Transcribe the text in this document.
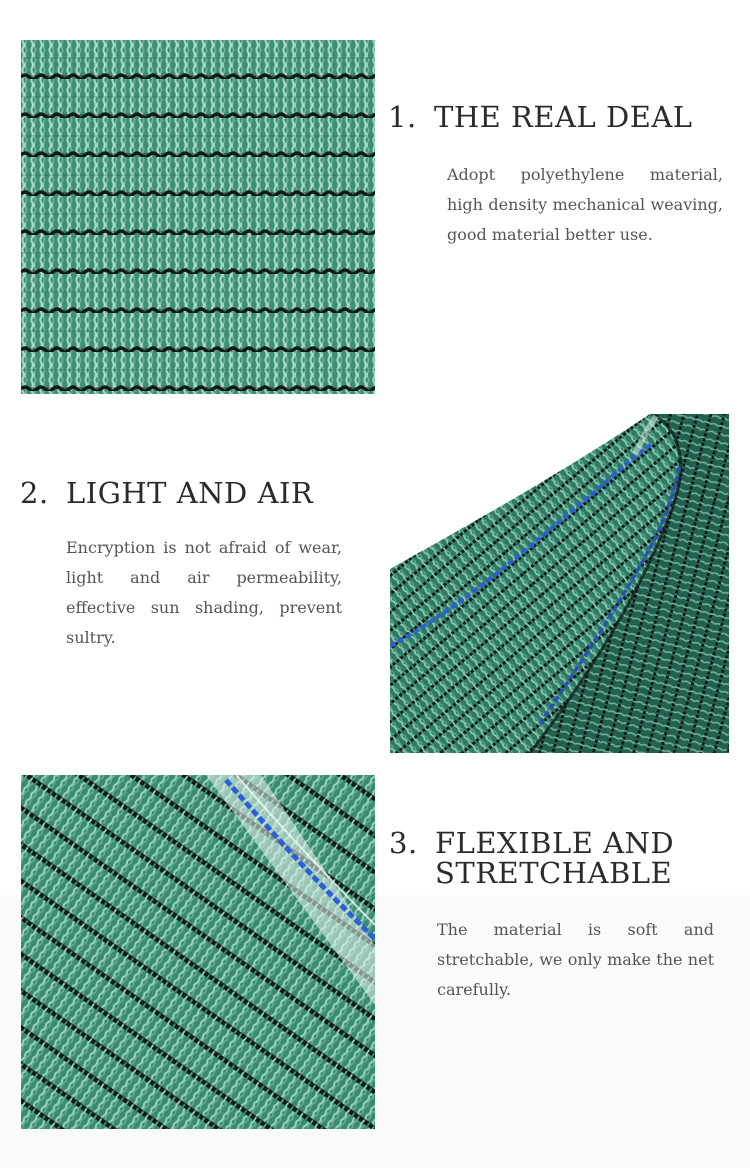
1. THE REAL DEAL

Adopt polyethylene material, high density mechanical weaving, good material better use.

2. LIGHT AND AIR

Encryption is not afraid of wear, light and air permeability, effective sun shading, prevent sultry.

3. FLEXIBLE AND
STRETCHABLE

The material is soft and stretchable, we only make the net carefully.
